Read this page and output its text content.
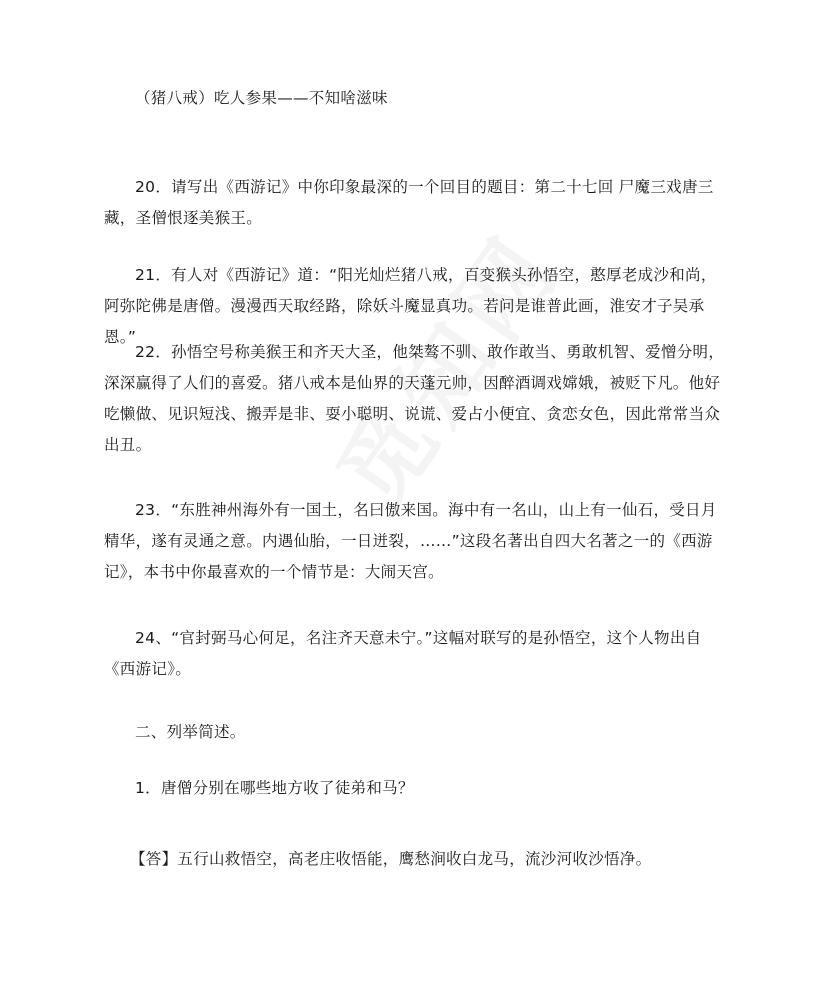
（猪八戒）吃人参果——不知啥滋味

20．请写出《西游记》中你印象最深的一个回目的题目：第二十七回 尸魔三戏唐三藏，圣僧恨逐美猴王。

21．有人对《西游记》道：“阳光灿烂猪八戒，百变猴头孙悟空，憨厚老成沙和尚，阿弥陀佛是唐僧。漫漫西天取经路，除妖斗魔显真功。若问是谁普此画，淮安才子吴承恩。”

22．孙悟空号称美猴王和齐天大圣，他桀骜不驯、敢作敢当、勇敢机智、爱憎分明，深深赢得了人们的喜爱。猪八戒本是仙界的天蓬元帅，因醉酒调戏嫦娥，被贬下凡。他好吃懒做、见识短浅、搬弄是非、耍小聪明、说谎、爱占小便宜、贪恋女色，因此常常当众出丑。

23．“东胜神州海外有一国土，名曰傲来国。海中有一名山，山上有一仙石，受日月精华，遂有灵通之意。内遇仙胎，一日迸裂，……”这段名著出自四大名著之一的《西游记》，本书中你最喜欢的一个情节是：大闹天宫。

24、“官封弼马心何足，名注齐天意未宁。”这幅对联写的是孙悟空，这个人物出自《西游记》。

二、列举简述。

1．唐僧分别在哪些地方收了徒弟和马？

【答】五行山救悟空，高老庄收悟能，鹰愁涧收白龙马，流沙河收沙悟净。
